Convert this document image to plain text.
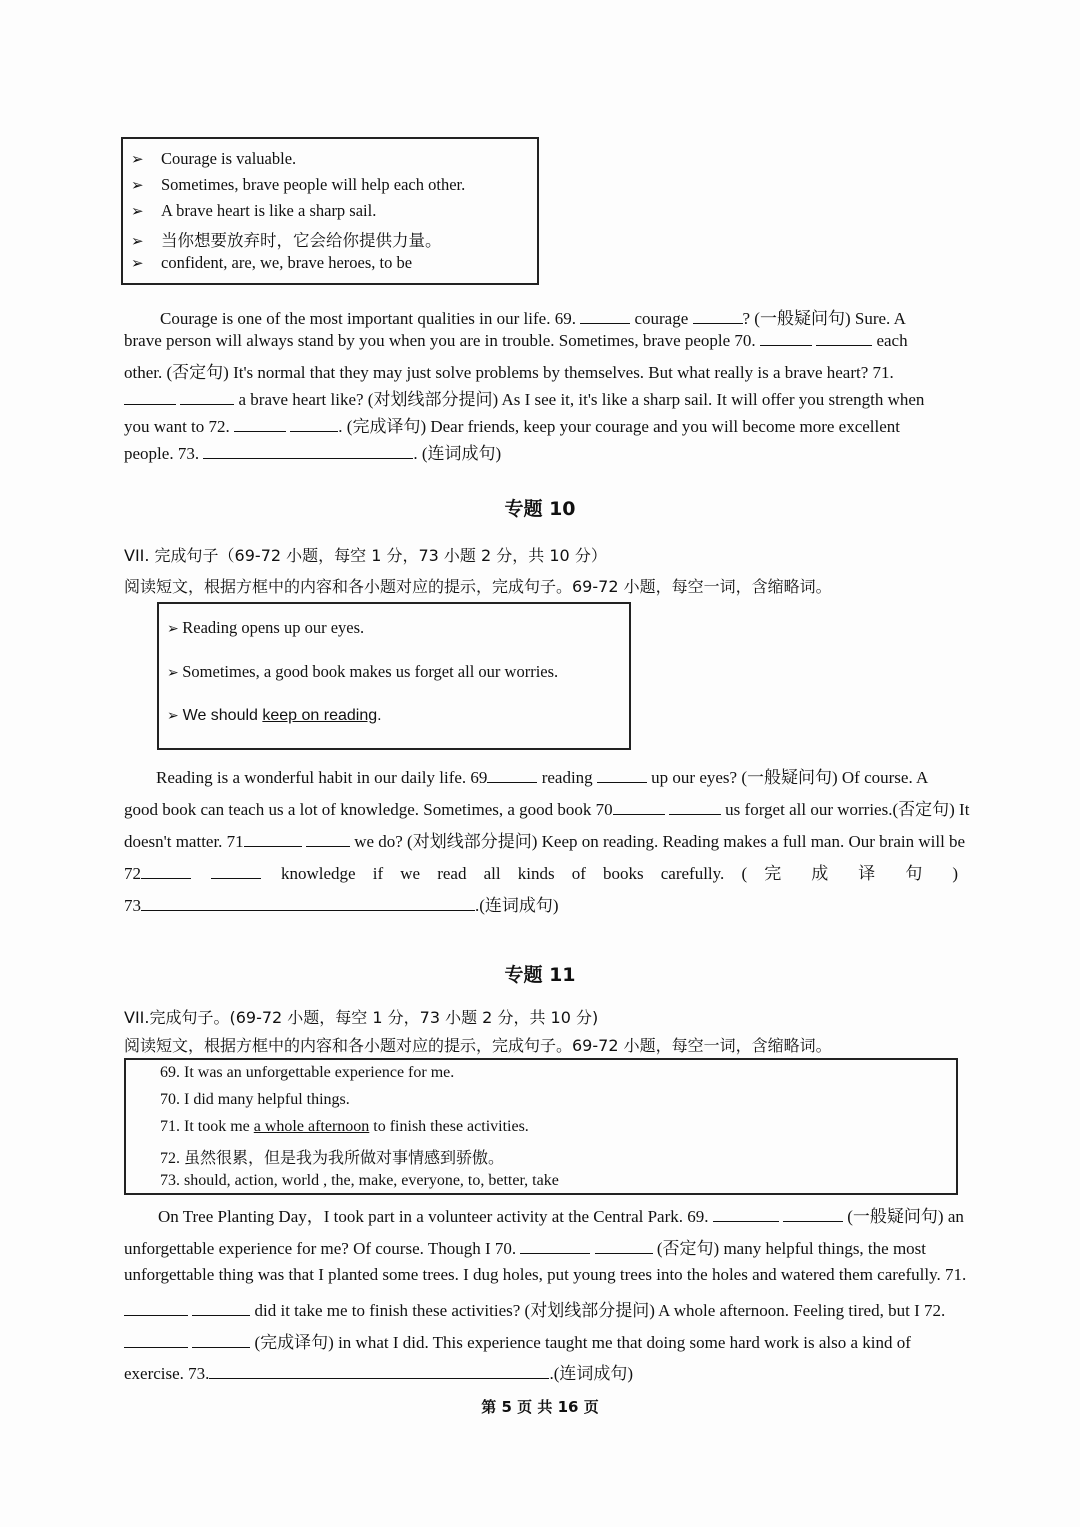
➢ Courage is valuable.
➢ Sometimes, brave people will help each other.
➢ A brave heart is like a sharp sail.
➢ 当你想要放弃时，它会给你提供力量。
➢ confident, are, we, brave heroes, to be
Courage is one of the most important qualities in our life. 69.	courage	? (一般疑问句) Sure. A
brave person will always stand by you when you are in trouble. Sometimes, brave people 70.	each
other. (否定句) It's normal that they may just solve problems by themselves. But what really is a brave heart? 71.
a brave heart like? (对划线部分提问) As I see it, it's like a sharp sail. It will offer you strength when
you want to 72.	. (完成译句) Dear friends, keep your courage and you will become more excellent
people. 73.	. (连词成句)
专题 10
VII. 完成句子（69-72 小题，每空 1 分，73 小题 2 分，共 10 分）
阅读短文，根据方框中的内容和各小题对应的提示，完成句子。69-72 小题，每空一词，含缩略词。
➢ Reading opens up our eyes.
➢ Sometimes, a good book makes us forget all our worries.
➢ We should keep on reading.
Reading is a wonderful habit in our daily life. 69	reading	up our eyes? (一般疑问句) Of course. A
good book can teach us a lot of knowledge. Sometimes, a good book 70	us forget all our worries.(否定句) It
doesn't matter. 71	we do? (对划线部分提问) Keep on reading. Reading makes a full man. Our brain will be
72	knowledge if we read all kinds of books carefully. ( 完 成 译 句 )
73	.(连词成句)
专题 11
VII.完成句子。(69-72 小题，每空 1 分，73 小题 2 分，共 10 分)
阅读短文，根据方框中的内容和各小题对应的提示，完成句子。69-72 小题，每空一词，含缩略词。
69. It was an unforgettable experience for me.
70. I did many helpful things.
71. It took me a whole afternoon to finish these activities.
72. 虽然很累，但是我为我所做对事情感到骄傲。
73. should, action, world , the, make, everyone, to, better, take
On Tree Planting Day，I took part in a volunteer activity at the Central Park. 69.	(一般疑问句) an
unforgettable experience for me? Of course. Though I 70.	(否定句) many helpful things, the most
unforgettable thing was that I planted some trees. I dug holes, put young trees into the holes and watered them carefully. 71.
did it take me to finish these activities? (对划线部分提问) A whole afternoon. Feeling tired, but I 72.
(完成译句) in what I did. This experience taught me that doing some hard work is also a kind of
exercise. 73.	.(连词成句)
第 5 页 共 16 页
